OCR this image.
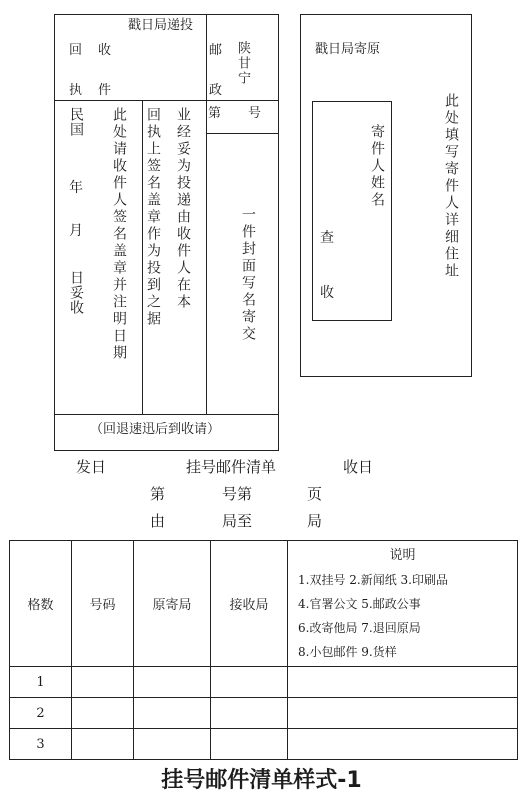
戳日局递投
回 收
执 件
邮
政
陕甘宁
第 号
民国
年
月
日妥收 此处请收件人签名盖章并注明日期 回执上签名盖章作为投到之据 业经妥为投递由收件人在本	一件封面写名寄交
（回退速迅后到收请）
戳日局寄原
寄件人姓名
查
收
此处填写寄件人详细住址
发日	挂号邮件清单	收日
第	号第	页
由	局至	局
格数	号码	原寄局	接收局	说明
1.双挂号 2.新闻纸 3.印刷品
4.官署公文 5.邮政公事
6.改寄他局 7.退回原局
8.小包邮件 9.货样

1				
2				
3				
挂号邮件清单样式-1
